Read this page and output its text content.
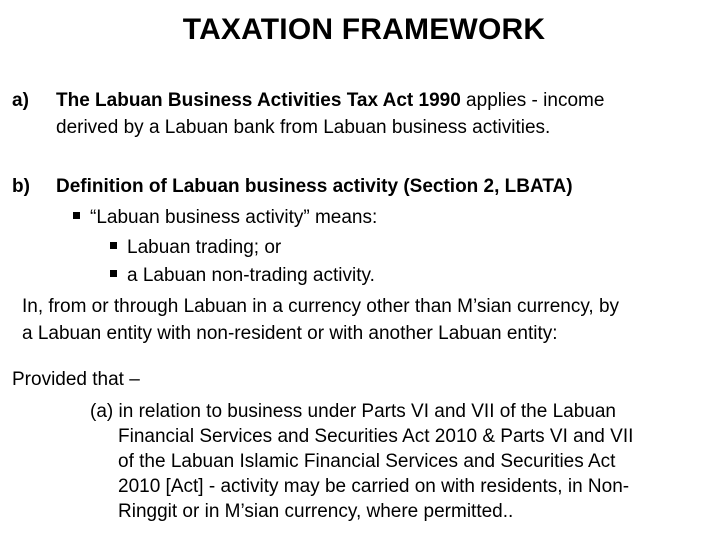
TAXATION FRAMEWORK
a) The Labuan Business Activities Tax Act 1990 applies - income
derived by a Labuan bank from Labuan business activities.
b) Definition of Labuan business activity (Section 2, LBATA)
“Labuan business activity” means:
Labuan trading; or
a Labuan non-trading activity.
In, from or through Labuan in a currency other than M’sian currency, by
a Labuan entity with non-resident or with another Labuan entity:
Provided that –
(a) in relation to business under Parts VI and VII of the Labuan
Financial Services and Securities Act 2010 & Parts VI and VII
of the Labuan Islamic Financial Services and Securities Act
2010 [Act] - activity may be carried on with residents, in Non-
Ringgit or in M’sian currency, where permitted..
